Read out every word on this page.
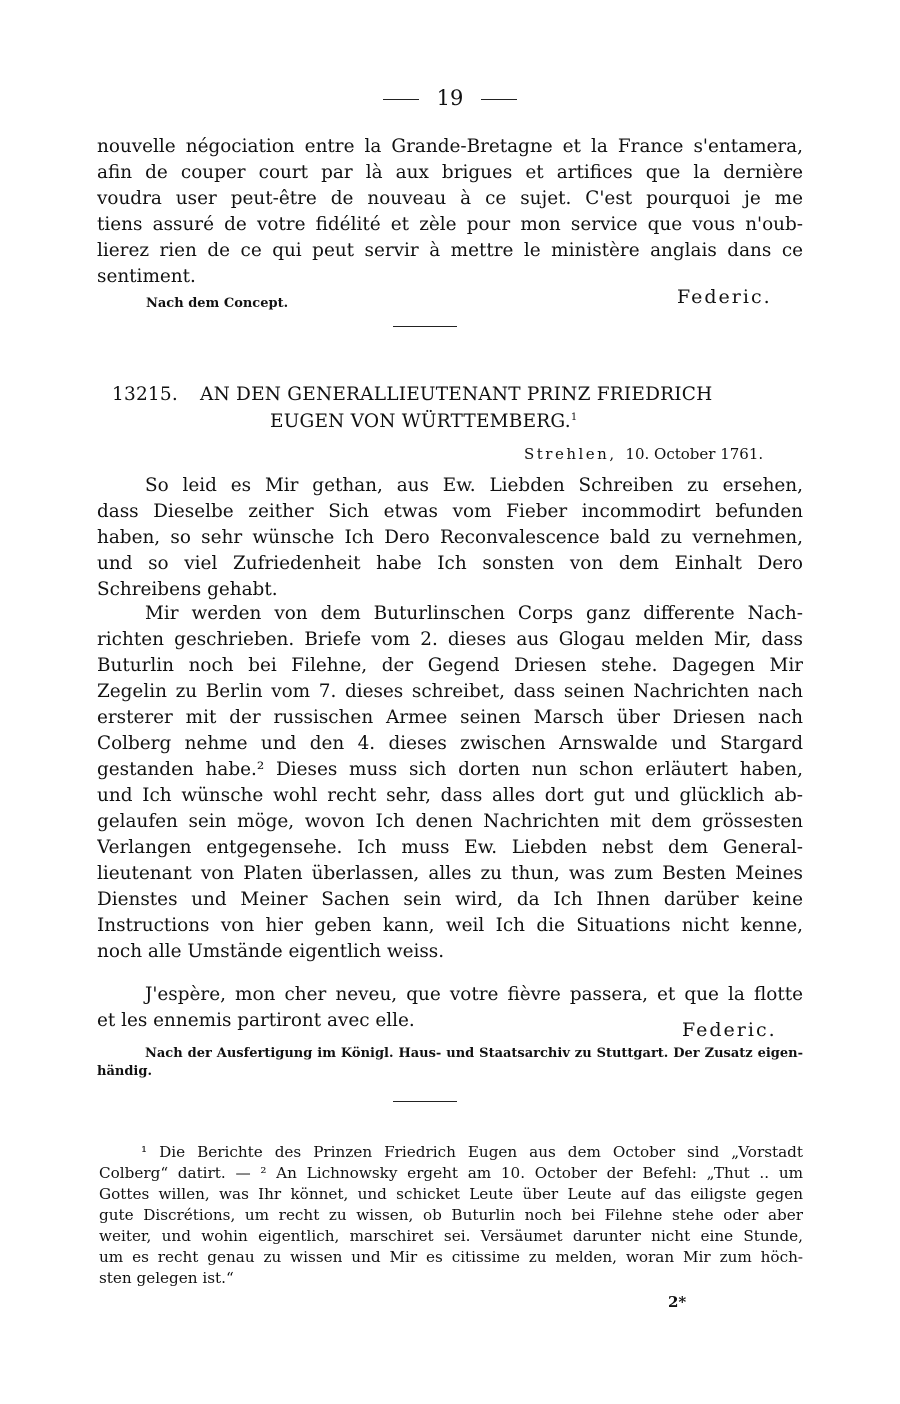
19
nouvelle négociation entre la Grande-Bretagne et la France s'entamera,
afin de couper court par là aux brigues et artifices que la dernière
voudra user peut-être de nouveau à ce sujet. C'est pourquoi je me
tiens assuré de votre fidélité et zèle pour mon service que vous n'oub-
lierez rien de ce qui peut servir à mettre le ministère anglais dans ce
sentiment.
Nach dem Concept.	Federic.
13215. AN DEN GENERALLIEUTENANT PRINZ FRIEDRICH
EUGEN VON WÜRTTEMBERG.$^1$
Strehlen, 10. October 1761.
So leid es Mir gethan, aus Ew. Liebden Schreiben zu ersehen,
dass Dieselbe zeither Sich etwas vom Fieber incommodirt befunden
haben, so sehr wünsche Ich Dero Reconvalescence bald zu vernehmen,
und so viel Zufriedenheit habe Ich sonsten von dem Einhalt Dero
Schreibens gehabt.
Mir werden von dem Buturlinschen Corps ganz differente Nach-
richten geschrieben. Briefe vom 2. dieses aus Glogau melden Mir, dass
Buturlin noch bei Filehne, der Gegend Driesen stehe. Dagegen Mir
Zegelin zu Berlin vom 7. dieses schreibet, dass seinen Nachrichten nach
ersterer mit der russischen Armee seinen Marsch über Driesen nach
Colberg nehme und den 4. dieses zwischen Arnswalde und Stargard
gestanden habe.² Dieses muss sich dorten nun schon erläutert haben,
und Ich wünsche wohl recht sehr, dass alles dort gut und glücklich ab-
gelaufen sein möge, wovon Ich denen Nachrichten mit dem grössesten
Verlangen entgegensehe. Ich muss Ew. Liebden nebst dem General-
lieutenant von Platen überlassen, alles zu thun, was zum Besten Meines
Dienstes und Meiner Sachen sein wird, da Ich Ihnen darüber keine
Instructions von hier geben kann, weil Ich die Situations nicht kenne,
noch alle Umstände eigentlich weiss.
J'espère, mon cher neveu, que votre fièvre passera, et que la flotte
et les ennemis partiront avec elle.	Federic.
Nach der Ausfertigung im Königl. Haus- und Staatsarchiv zu Stuttgart. Der Zusatz eigen-
händig.
¹ Die Berichte des Prinzen Friedrich Eugen aus dem October sind „Vorstadt
Colberg“ datirt. — ² An Lichnowsky ergeht am 10. October der Befehl: „Thut .. um
Gottes willen, was Ihr könnet, und schicket Leute über Leute auf das eiligste gegen
gute Discrétions, um recht zu wissen, ob Buturlin noch bei Filehne stehe oder aber
weiter, und wohin eigentlich, marschiret sei. Versäumet darunter nicht eine Stunde,
um es recht genau zu wissen und Mir es citissime zu melden, woran Mir zum höch-
sten gelegen ist.“
2*
